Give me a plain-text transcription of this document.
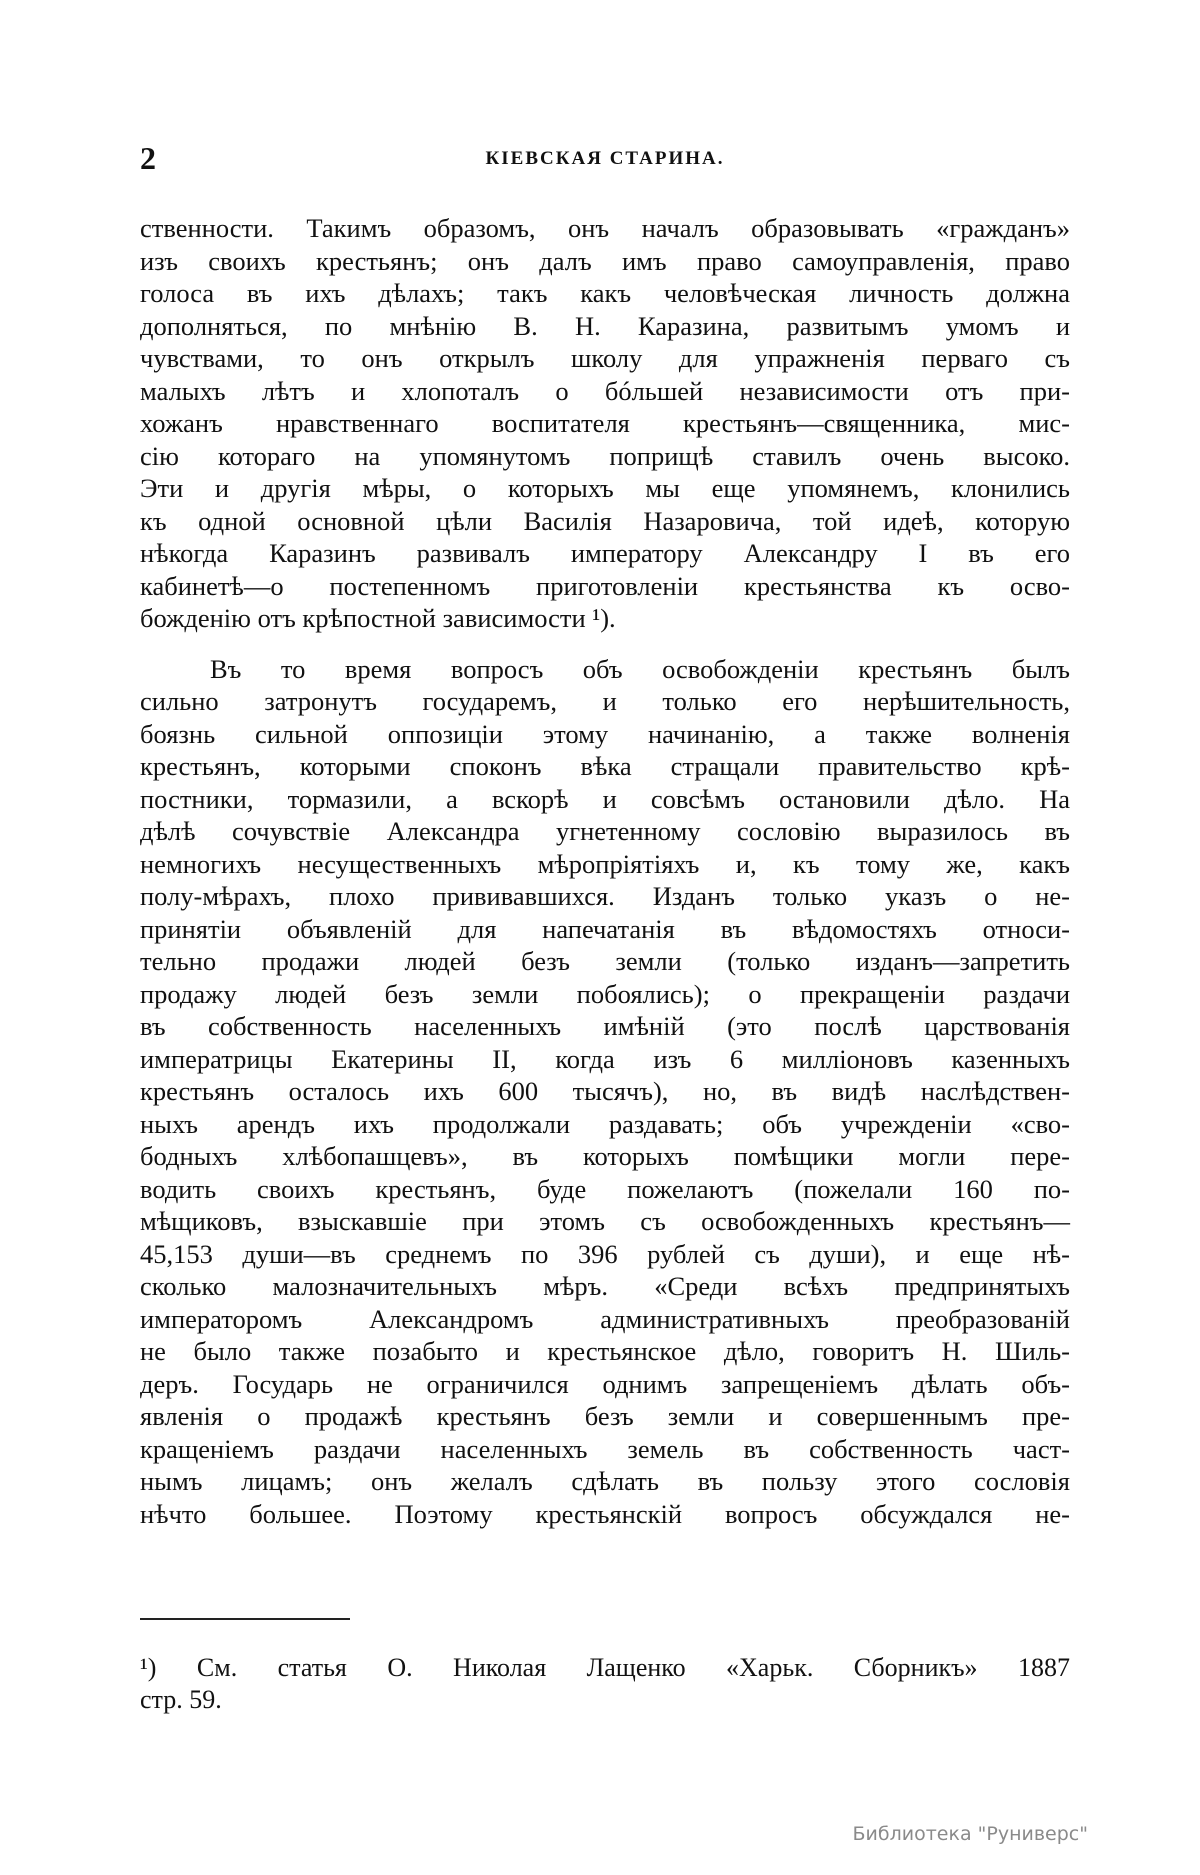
2	КІЕВСКАЯ СТАРИНА.
ственности. Такимъ образомъ, онъ началъ образовывать «гражданъ»
изъ своихъ крестьянъ; онъ далъ имъ право самоуправленія, право
голоса въ ихъ дѣлахъ; такъ какъ человѣческая личность должна
дополняться, по мнѣнію В. Н. Каразина, развитымъ умомъ и
чувствами, то онъ открылъ школу для упражненія перваго съ
малыхъ лѣтъ и хлопоталъ о бóльшей независимости отъ при-
хожанъ нравственнаго воспитателя крестьянъ—священника, мис-
сію котораго на упомянутомъ поприщѣ ставилъ очень высоко.
Эти и другія мѣры, о которыхъ мы еще упомянемъ, клонились
къ одной основной цѣли Василія Назаровича, той идеѣ, которую
нѣкогда Каразинъ развивалъ императору Александру I въ его
кабинетѣ—о постепенномъ приготовленіи крестьянства къ осво-
божденію отъ крѣпостной зависимости ¹).
Въ то время вопросъ объ освобожденіи крестьянъ былъ
сильно затронутъ государемъ, и только его нерѣшительность,
боязнь сильной оппозиціи этому начинанію, а также волненія
крестьянъ, которыми споконъ вѣка стращали правительство крѣ-
постники, тормазили, а вскорѣ и совсѣмъ остановили дѣло. На
дѣлѣ сочувствіе Александра угнетенному сословію выразилось въ
немногихъ несущественныхъ мѣропріятіяхъ и, къ тому же, какъ
полу-мѣрахъ, плохо прививавшихся. Изданъ только указъ о не-
принятіи объявленій для напечатанія въ вѣдомостяхъ относи-
тельно продажи людей безъ земли (только изданъ—запретить
продажу людей безъ земли побоялись); о прекращеніи раздачи
въ собственность населенныхъ имѣній (это послѣ царствованія
императрицы Екатерины II, когда изъ 6 милліоновъ казенныхъ
крестьянъ осталось ихъ 600 тысячъ), но, въ видѣ наслѣдствен-
ныхъ арендъ ихъ продолжали раздавать; объ учрежденіи «сво-
бодныхъ хлѣбопашцевъ», въ которыхъ помѣщики могли пере-
водить своихъ крестьянъ, буде пожелаютъ (пожелали 160 по-
мѣщиковъ, взыскавшіе при этомъ съ освобожденныхъ крестьянъ—
45,153 души—въ среднемъ по 396 рублей съ души), и еще нѣ-
сколько малозначительныхъ мѣръ. «Среди всѣхъ предпринятыхъ
императоромъ Александромъ административныхъ преобразованій
не было также позабыто и крестьянское дѣло, говоритъ Н. Шиль-
деръ. Государь не ограничился однимъ запрещеніемъ дѣлать объ-
явленія о продажѣ крестьянъ безъ земли и совершеннымъ пре-
кращеніемъ раздачи населенныхъ земель въ собственность част-
нымъ лицамъ; онъ желалъ сдѣлать въ пользу этого сословія
нѣчто большее. Поэтому крестьянскій вопросъ обсуждался не-
¹) См. статья О. Николая Лащенко «Харьк. Сборникъ» 1887
стр. 59.
Библиотека "Руниверс"
